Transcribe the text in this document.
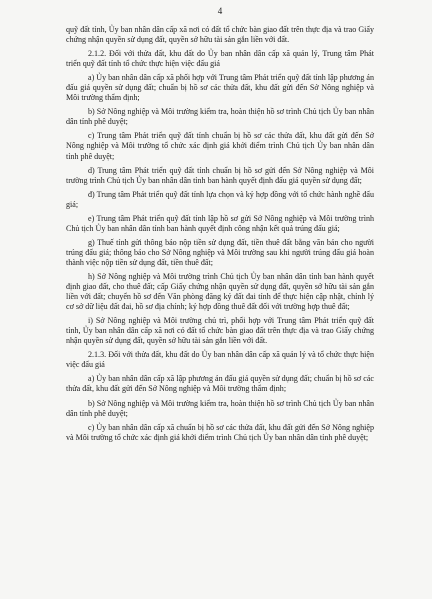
4

quỹ đất tỉnh, Ủy ban nhân dân cấp xã nơi có đất tổ chức bàn giao đất trên thực địa và trao Giấy chứng nhận quyền sử dụng đất, quyền sở hữu tài sản gắn liền với đất.

2.1.2. Đối với thửa đất, khu đất do Ủy ban nhân dân cấp xã quản lý, Trung tâm Phát triển quỹ đất tỉnh tổ chức thực hiện việc đấu giá

a) Ủy ban nhân dân cấp xã phối hợp với Trung tâm Phát triển quỹ đất tỉnh lập phương án đấu giá quyền sử dụng đất; chuẩn bị hồ sơ các thửa đất, khu đất gửi đến Sở Nông nghiệp và Môi trường thẩm định;

b) Sở Nông nghiệp và Môi trường kiểm tra, hoàn thiện hồ sơ trình Chủ tịch Ủy ban nhân dân tỉnh phê duyệt;

c) Trung tâm Phát triển quỹ đất tỉnh chuẩn bị hồ sơ các thửa đất, khu đất gửi đến Sở Nông nghiệp và Môi trường tổ chức xác định giá khởi điểm trình Chủ tịch Ủy ban nhân dân tỉnh phê duyệt;

d) Trung tâm Phát triển quỹ đất tỉnh chuẩn bị hồ sơ gửi đến Sở Nông nghiệp và Môi trường trình Chủ tịch Ủy ban nhân dân tỉnh ban hành quyết định đấu giá quyền sử dụng đất;

đ) Trung tâm Phát triển quỹ đất tỉnh lựa chọn và ký hợp đồng với tổ chức hành nghề đấu giá;

e) Trung tâm Phát triển quỹ đất tỉnh lập hồ sơ gửi Sở Nông nghiệp và Môi trường trình Chủ tịch Ủy ban nhân dân tỉnh ban hành quyết định công nhận kết quả trúng đấu giá;

g) Thuế tỉnh gửi thông báo nộp tiền sử dụng đất, tiền thuê đất bằng văn bản cho người trúng đấu giá; thông báo cho Sở Nông nghiệp và Môi trường sau khi người trúng đấu giá hoàn thành việc nộp tiền sử dụng đất, tiền thuê đất;

h) Sở Nông nghiệp và Môi trường trình Chủ tịch Ủy ban nhân dân tỉnh ban hành quyết định giao đất, cho thuê đất; cấp Giấy chứng nhận quyền sử dụng đất, quyền sở hữu tài sản gắn liền với đất; chuyển hồ sơ đến Văn phòng đăng ký đất đai tỉnh để thực hiện cập nhật, chỉnh lý cơ sở dữ liệu đất đai, hồ sơ địa chính; ký hợp đồng thuê đất đối với trường hợp thuê đất;

i) Sở Nông nghiệp và Môi trường chủ trì, phối hợp với Trung tâm Phát triển quỹ đất tỉnh, Ủy ban nhân dân cấp xã nơi có đất tổ chức bàn giao đất trên thực địa và trao Giấy chứng nhận quyền sử dụng đất, quyền sở hữu tài sản gắn liền với đất.

2.1.3. Đối với thửa đất, khu đất do Ủy ban nhân dân cấp xã quản lý và tổ chức thực hiện việc đấu giá

a) Ủy ban nhân dân cấp xã lập phương án đấu giá quyền sử dụng đất; chuẩn bị hồ sơ các thửa đất, khu đất gửi đến Sở Nông nghiệp và Môi trường thẩm định;

b) Sở Nông nghiệp và Môi trường kiểm tra, hoàn thiện hồ sơ trình Chủ tịch Ủy ban nhân dân tỉnh phê duyệt;

c) Ủy ban nhân dân cấp xã chuẩn bị hồ sơ các thửa đất, khu đất gửi đến Sở Nông nghiệp và Môi trường tổ chức xác định giá khởi điểm trình Chủ tịch Ủy ban nhân dân tỉnh phê duyệt;
